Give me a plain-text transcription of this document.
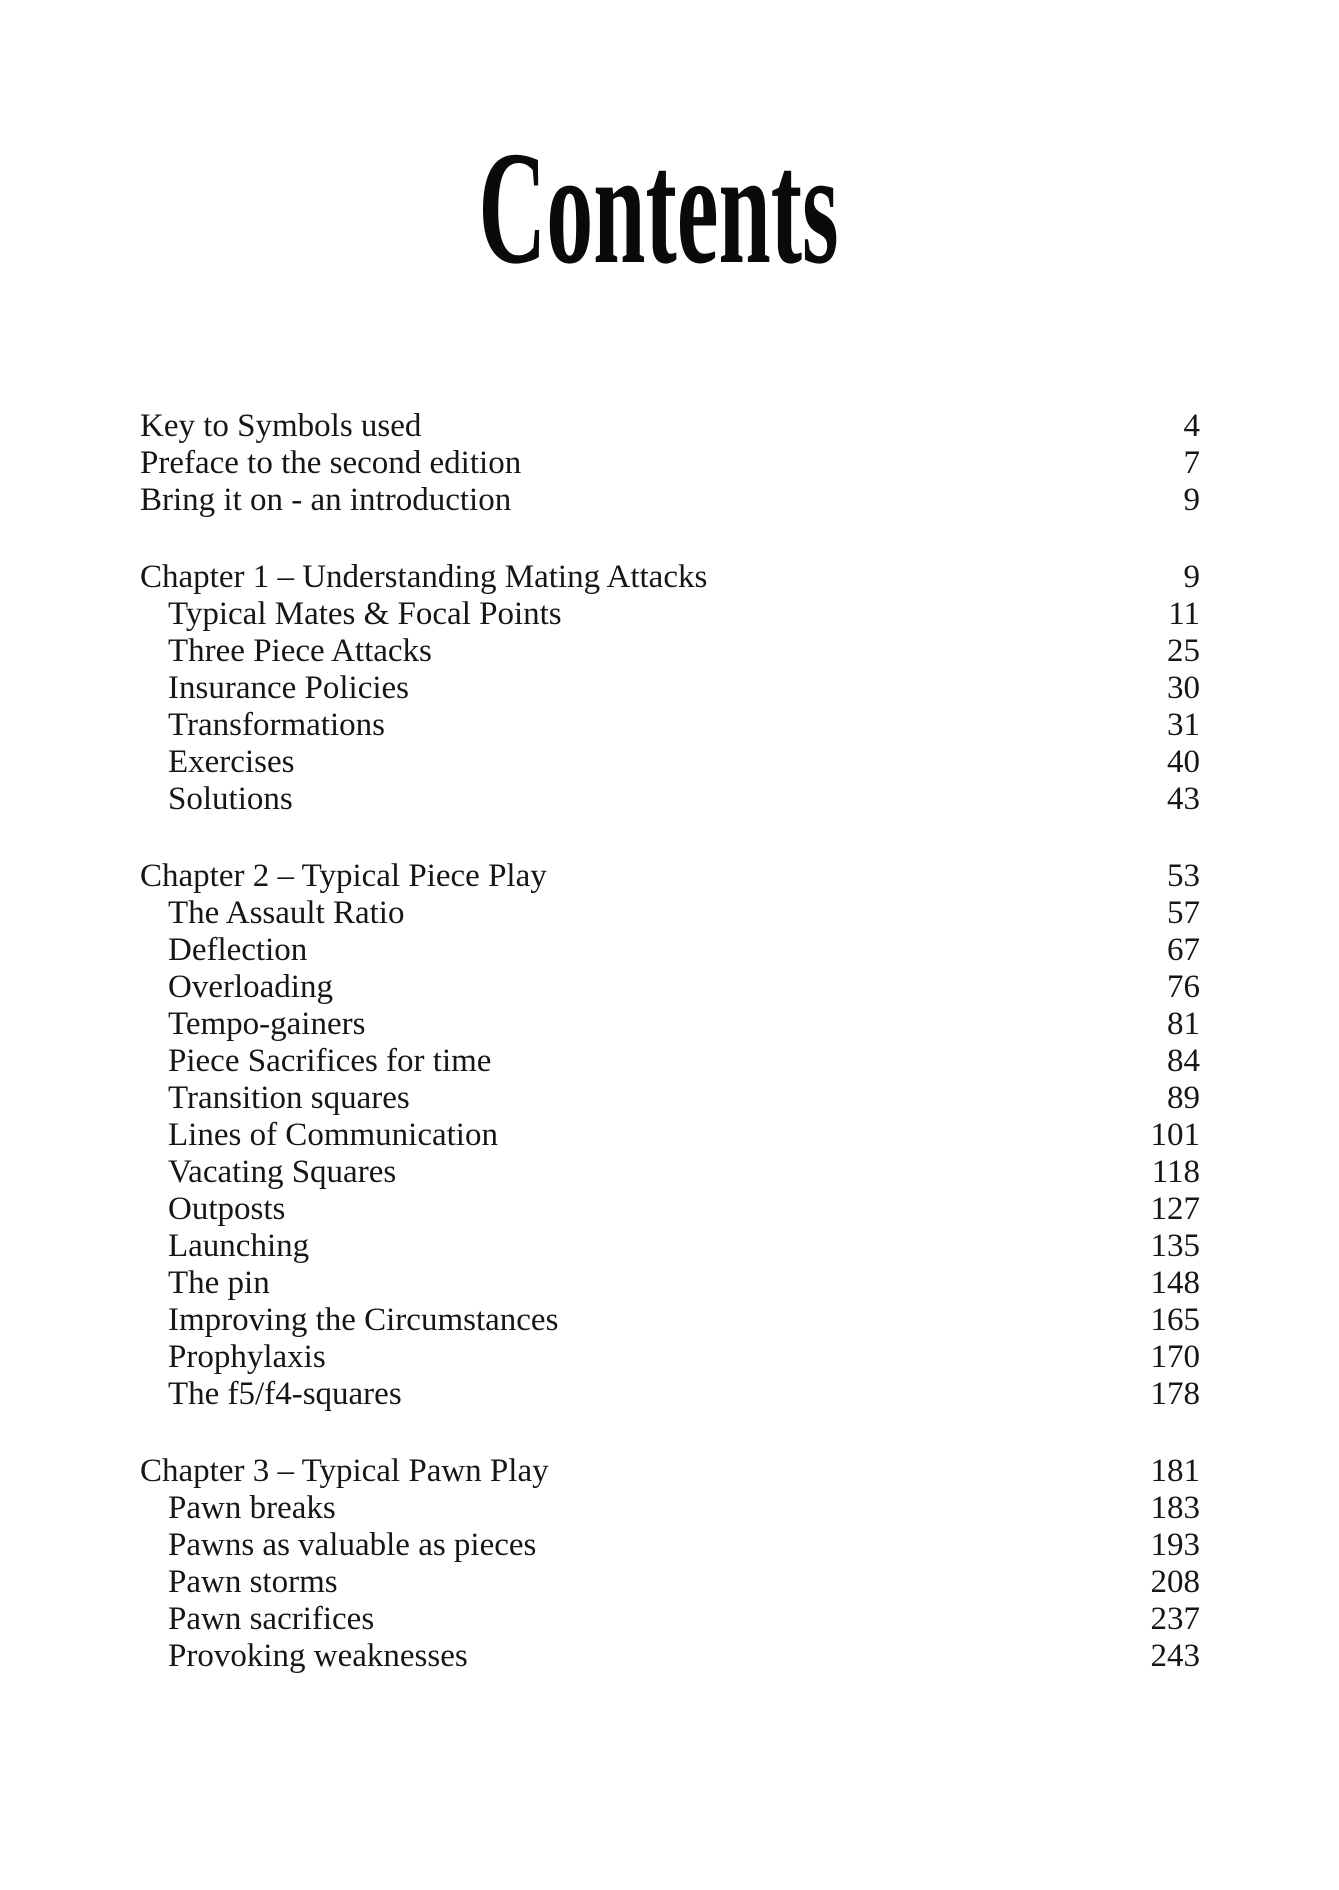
Contents
Key to Symbols used	4
Preface to the second edition	7
Bring it on - an introduction	9
Chapter 1 – Understanding Mating Attacks	9
Typical Mates & Focal Points	11
Three Piece Attacks	25
Insurance Policies	30
Transformations	31
Exercises	40
Solutions	43
Chapter 2 – Typical Piece Play	53
The Assault Ratio	57
Deflection	67
Overloading	76
Tempo-gainers	81
Piece Sacrifices for time	84
Transition squares	89
Lines of Communication	101
Vacating Squares	118
Outposts	127
Launching	135
The pin	148
Improving the Circumstances	165
Prophylaxis	170
The f5/f4-squares	178
Chapter 3 – Typical Pawn Play	181
Pawn breaks	183
Pawns as valuable as pieces	193
Pawn storms	208
Pawn sacrifices	237
Provoking weaknesses	243
